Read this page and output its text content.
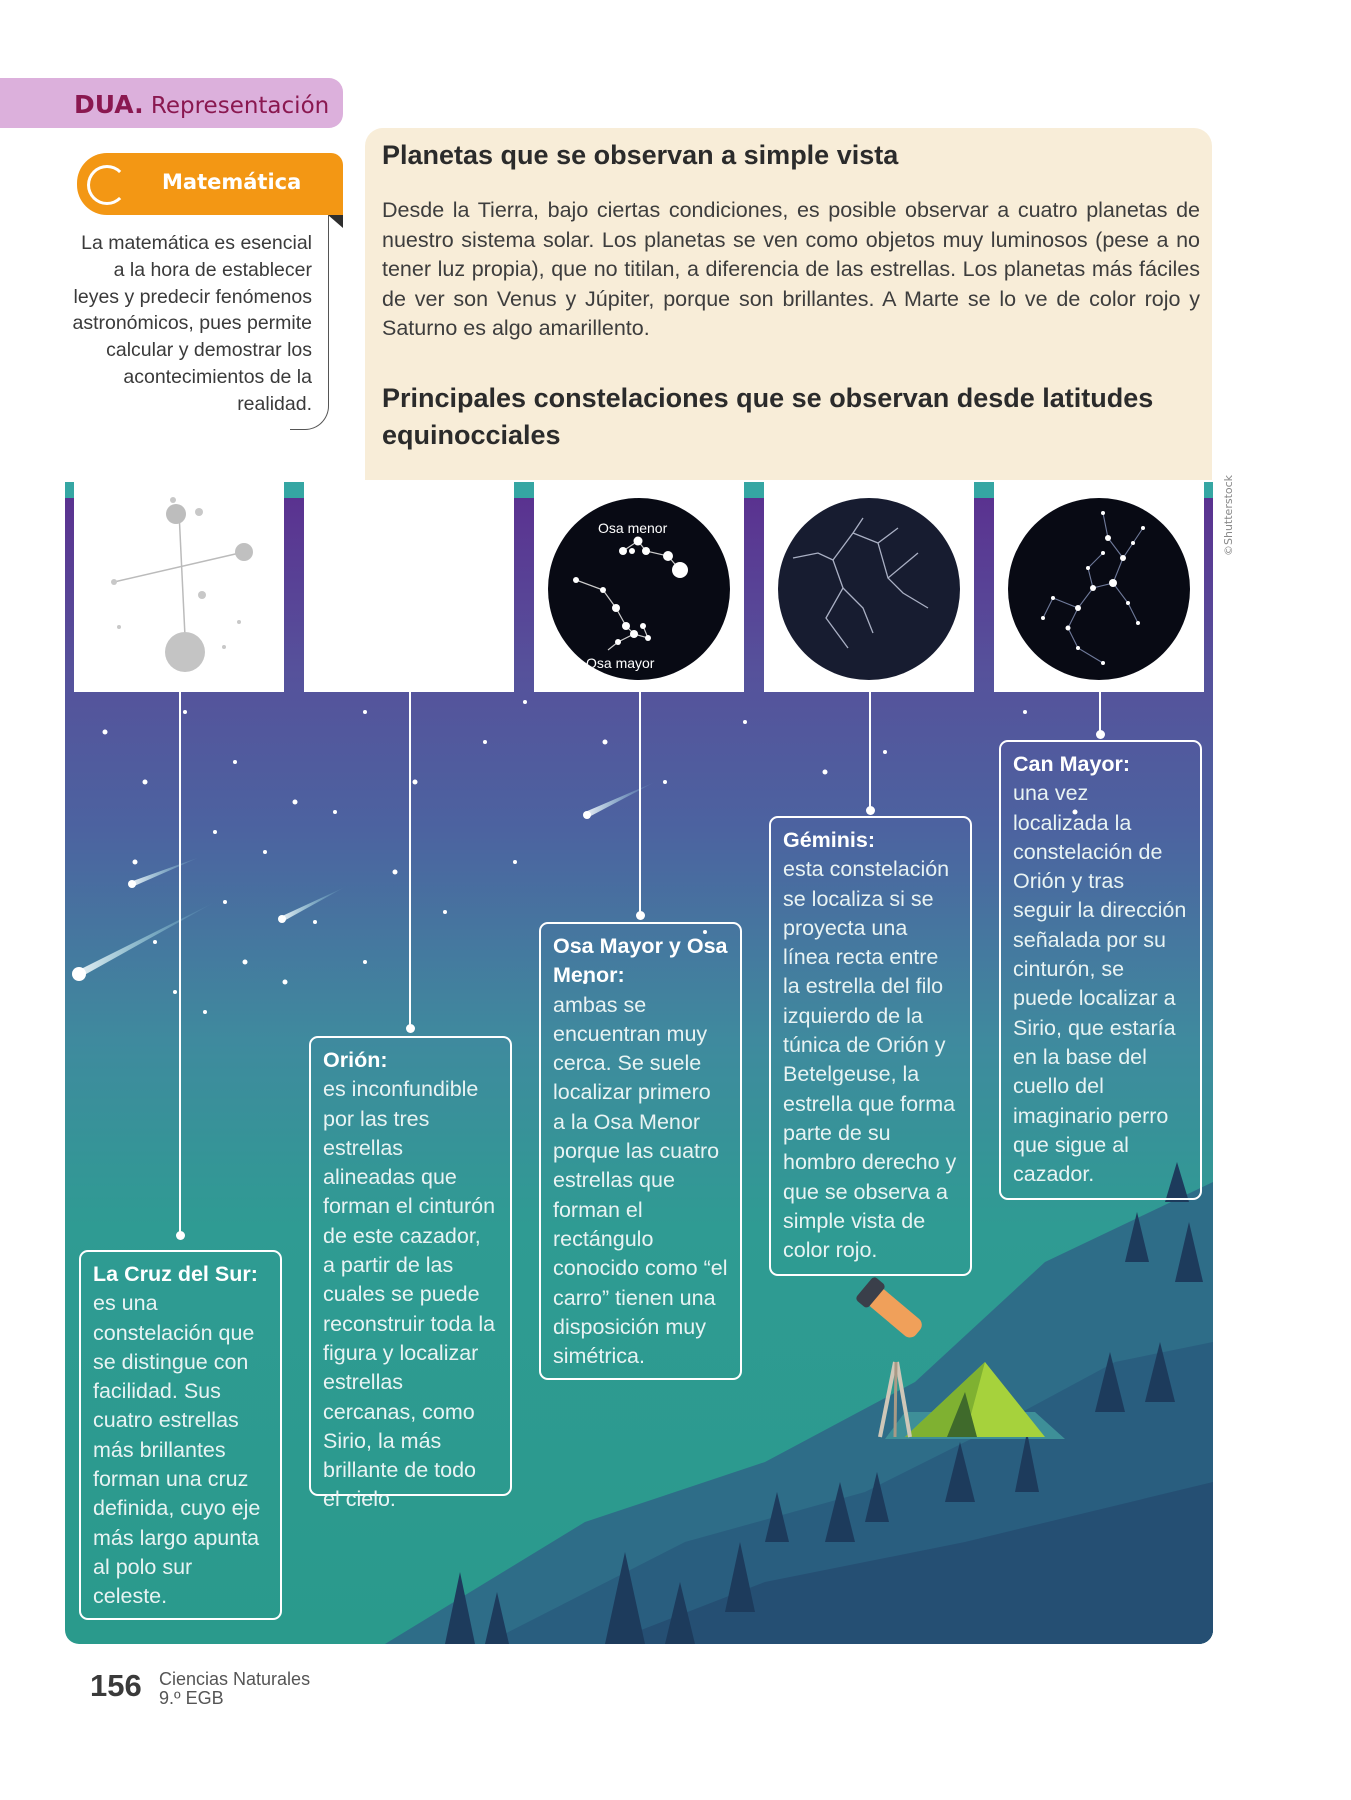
DUA. Representación
Matemática
La matemática es esencial a la hora de establecer leyes y predecir fenómenos astronómicos, pues permite calcular y demostrar los acontecimientos de la realidad.
Planetas que se observan a simple vista
Desde la Tierra, bajo ciertas condiciones, es posible observar a cuatro planetas de nuestro sistema solar. Los planetas se ven como objetos muy luminosos (pese a no tener luz propia), que no titilan, a diferencia de las estrellas. Los planetas más fáciles de ver son Venus y Júpiter, porque son brillantes. A Marte se lo ve de color rojo y Saturno es algo amarillento.
Principales constelaciones que se observan desde latitudes equinocciales
©Shutterstock
Osa menor
Osa mayor
La Cruz del Sur:
es una constelación que se distingue con facilidad. Sus cuatro estrellas más brillantes forman una cruz definida, cuyo eje más largo apunta al polo sur celeste.
Orión:
es inconfundible por las tres estrellas alineadas que forman el cinturón de este cazador, a partir de las cuales se puede reconstruir toda la figura y localizar estrellas cercanas, como Sirio, la más brillante de todo el cielo.
Osa Mayor y Osa Menor:
ambas se encuentran muy cerca. Se suele localizar primero a la Osa Menor porque las cuatro estrellas que forman el rectángulo conocido como “el carro” tienen una disposición muy simétrica.
Géminis:
esta constelación se localiza si se proyecta una línea recta entre la estrella del filo izquierdo de la túnica de Orión y Betelgeuse, la estrella que forma parte de su hombro derecho y que se observa a simple vista de color rojo.
Can Mayor:
una vez localizada la constelación de Orión y tras seguir la dirección señalada por su cinturón, se puede localizar a Sirio, que estaría en la base del cuello del imaginario perro que sigue al cazador.
156 Ciencias Naturales
9.º EGB
